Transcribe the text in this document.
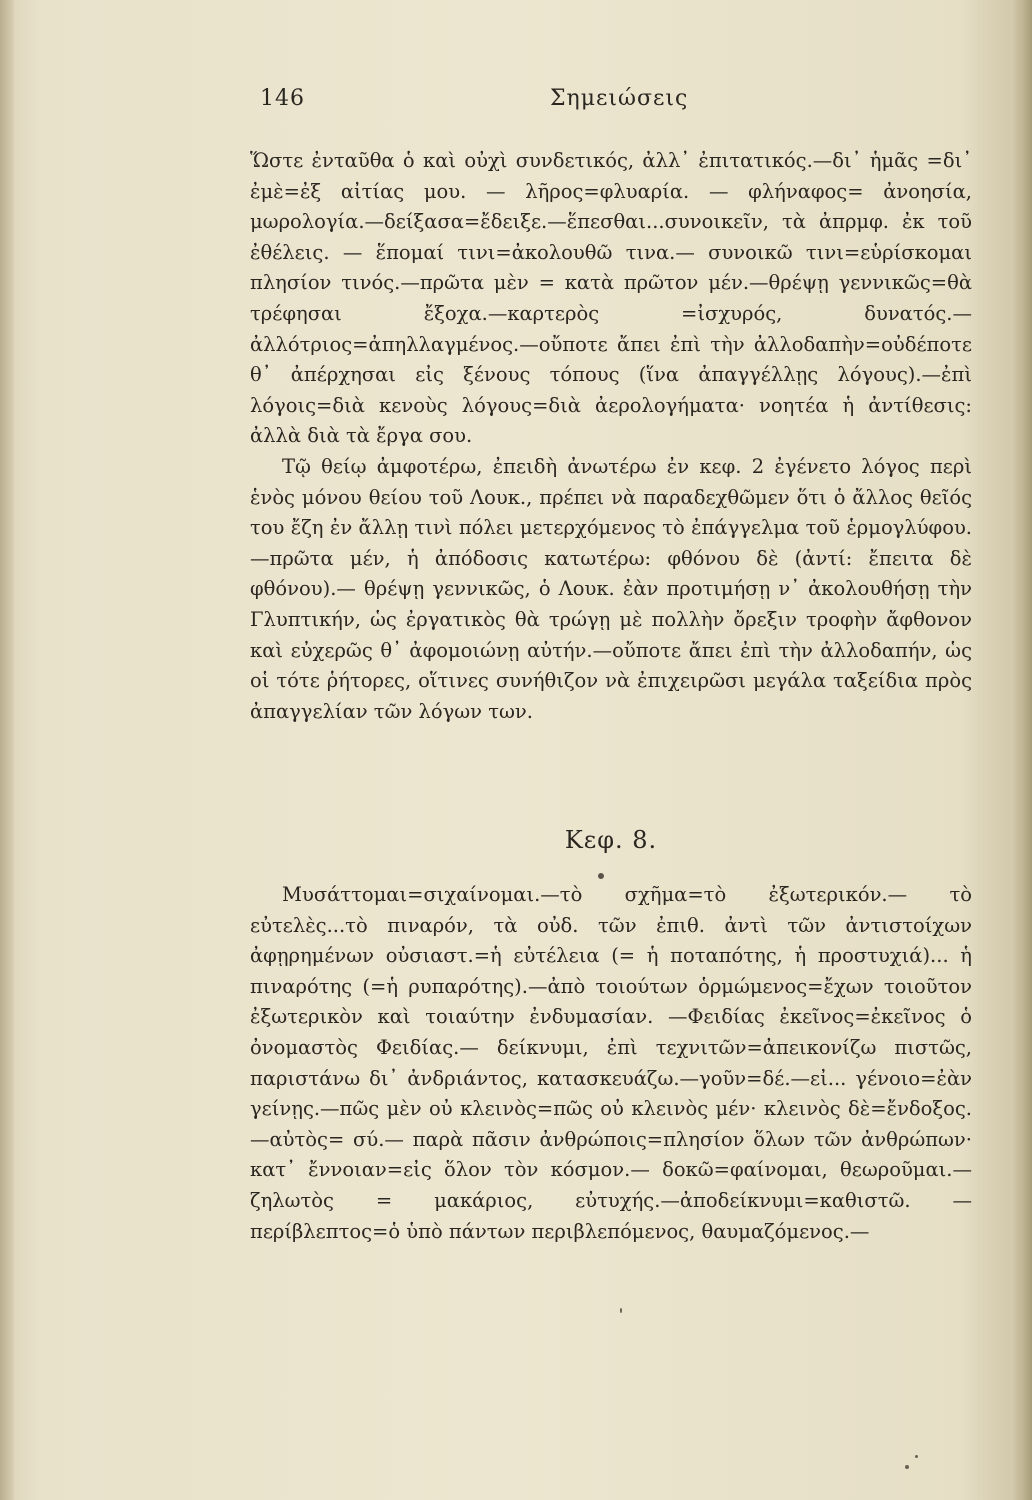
146	Σημειώσεις

Ὥστε ἐνταῦθα ὁ καὶ οὐχὶ συνδετικός, ἀλλ᾽ ἐπιτατικός.—δι᾽ ἡμᾶς =δι᾽ ἐμὲ=ἐξ αἰτίας μου. — λῆρος=φλυαρία. — φλήναφος= ἀνοησία, μωρολογία.—δείξασα=ἔδειξε.—ἕπεσθαι...συνοικεῖν, τὰ ἀπρμφ. ἐκ τοῦ ἐθέλεις. — ἕπομαί τινι=ἀκολουθῶ τινα.— συνοικῶ τινι=εὑρίσκομαι πλησίον τινός.—πρῶτα μὲν = κατὰ πρῶτον μέν.—θρέψῃ γεννικῶς=θὰ τρέφησαι ἔξοχα.—καρτερὸς =ἰσχυρός, δυνατός.—ἀλλότριος=ἀπηλλαγμένος.—οὔποτε ἄπει ἐπὶ τὴν ἀλλοδαπὴν=οὐδέποτε θ᾽ ἀπέρχησαι εἰς ξένους τόπους (ἵνα ἀπαγγέλλῃς λόγους).—ἐπὶ λόγοις=διὰ κενοὺς λόγους=διὰ ἀερολογήματα· νοητέα ἡ ἀντίθεσις: ἀλλὰ διὰ τὰ ἔργα σου.

Τῷ θείῳ ἀμφοτέρω, ἐπειδὴ ἀνωτέρω ἐν κεφ. 2 ἐγένετο λόγος περὶ ἑνὸς μόνου θείου τοῦ Λουκ., πρέπει νὰ παραδεχθῶμεν ὅτι ὁ ἄλλος θεῖός του ἔζη ἐν ἄλλῃ τινὶ πόλει μετερχόμενος τὸ ἐπάγγελμα τοῦ ἑρμογλύφου.—πρῶτα μέν, ἡ ἀπόδοσις κατωτέρω: φθόνου δὲ (ἀντί: ἔπειτα δὲ φθόνου).— θρέψῃ γεννικῶς, ὁ Λουκ. ἐὰν προτιμήσῃ ν᾽ ἀκολουθήσῃ τὴν Γλυπτικήν, ὡς ἐργατικὸς θὰ τρώγῃ μὲ πολλὴν ὄρεξιν τροφὴν ἄφθονον καὶ εὐχερῶς θ᾽ ἀφομοιώνῃ αὐτήν.—οὔποτε ἄπει ἐπὶ τὴν ἀλλοδαπήν, ὡς οἱ τότε ῥήτορες, οἵτινες συνήθιζον νὰ ἐπιχειρῶσι μεγάλα ταξείδια πρὸς ἀπαγγελίαν τῶν λόγων των.

Κεφ. 8.

Μυσάττομαι=σιχαίνομαι.—τὸ σχῆμα=τὸ ἐξωτερικόν.— τὸ εὐτελὲς...τὸ πιναρόν, τὰ οὐδ. τῶν ἐπιθ. ἀντὶ τῶν ἀντιστοίχων ἀφῃρημένων οὐσιαστ.=ἡ εὐτέλεια (= ἡ ποταπότης, ἡ προστυχιά)... ἡ πιναρότης (=ἡ ρυπαρότης).—ἀπὸ τοιούτων ὁρμώμενος=ἔχων τοιοῦτον ἐξωτερικὸν καὶ τοιαύτην ἐνδυμασίαν. —Φειδίας ἐκεῖνος=ἐκεῖνος ὁ ὀνομαστὸς Φειδίας.— δείκνυμι, ἐπὶ τεχνιτῶν=ἀπεικονίζω πιστῶς, παριστάνω δι᾽ ἀνδριάντος, κατασκευάζω.—γοῦν=δέ.—εἰ... γένοιο=ἐὰν γείνῃς.—πῶς μὲν οὐ κλεινὸς=πῶς οὐ κλεινὸς μέν· κλεινὸς δὲ=ἔνδοξος.—αὐτὸς= σύ.— παρὰ πᾶσιν ἀνθρώποις=πλησίον ὅλων τῶν ἀνθρώπων· κατ᾽ ἔννοιαν=εἰς ὅλον τὸν κόσμον.— δοκῶ=φαίνομαι, θεωροῦμαι.—ζηλωτὸς = μακάριος, εὐτυχής.—ἀποδείκνυμι=καθιστῶ. —περίβλεπτος=ὁ ὑπὸ πάντων περιβλεπόμενος, θαυμαζόμενος.—
